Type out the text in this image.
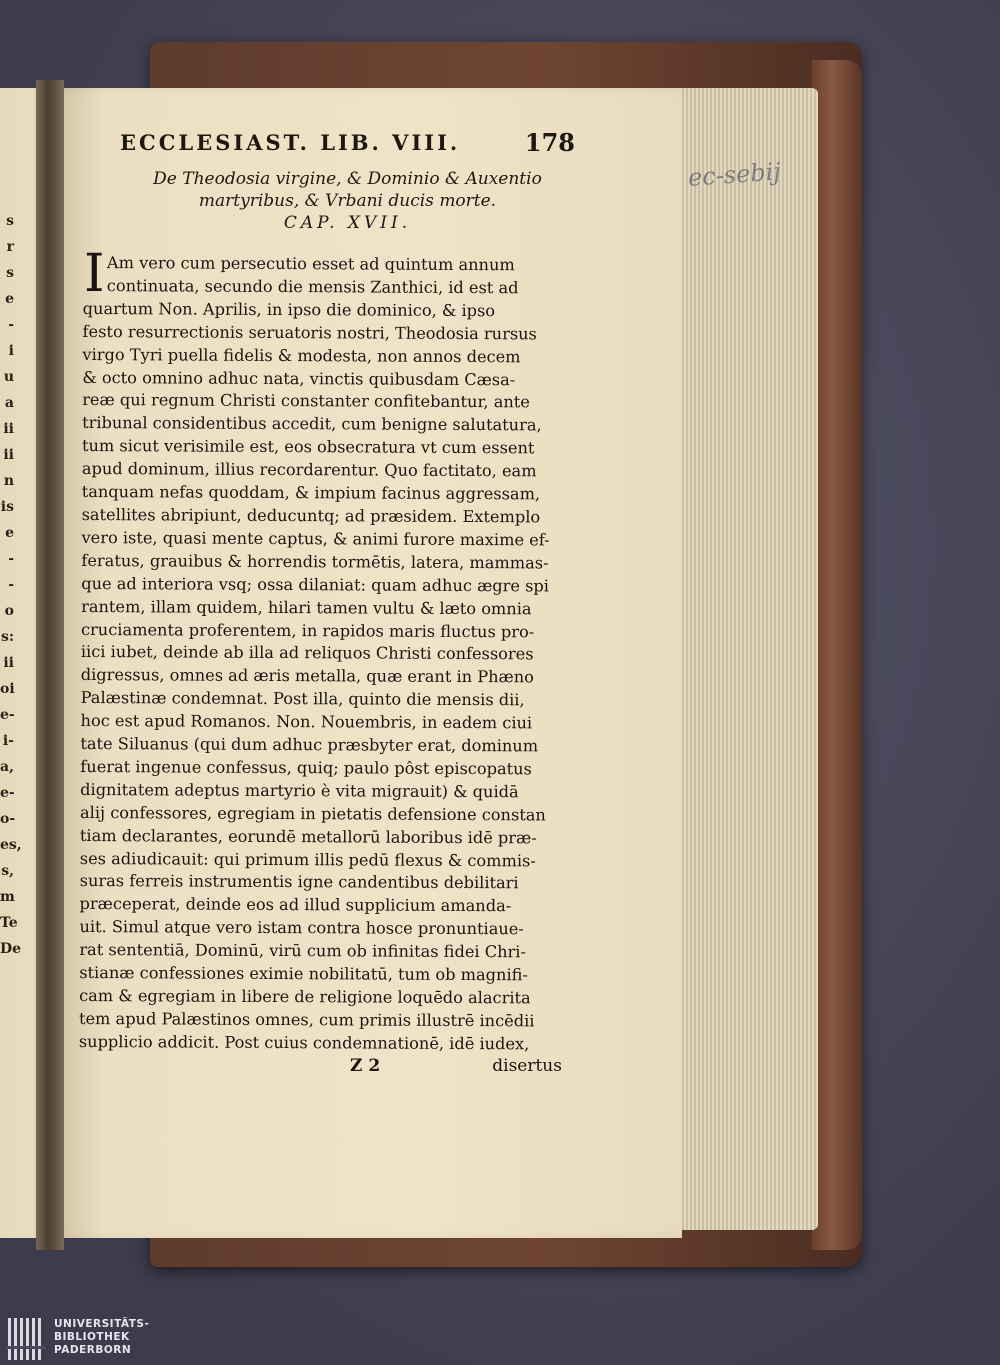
ec-sebij
s
r
s
e
-
i
u
a
ii
ii
n
is
e
-
-
o
s:
ii
oi
e-
i-
a,
e-
o-
es,
s,
m
Te
De
ECCLESIAST. LIB. VIII.	178
De Theodosia virgine, & Dominio & Auxentio
martyribus, & Vrbani ducis morte.
CAP. XVII.
I Am vero cum persecutio esset ad quintum annum
continuata, secundo die mensis Zanthici, id est ad
quartum Non. Aprilis, in ipso die dominico, & ipso
festo resurrectionis seruatoris nostri, Theodosia rursus
virgo Tyri puella fidelis & modesta, non annos decem
& octo omnino adhuc nata, vinctis quibusdam Cæsa-
reæ qui regnum Christi constanter confitebantur, ante
tribunal considentibus accedit, cum benigne salutatura,
tum sicut verisimile est, eos obsecratura vt cum essent
apud dominum, illius recordarentur. Quo factitato, eam
tanquam nefas quoddam, & impium facinus aggressam,
satellites abripiunt, deducuntq; ad præsidem. Extemplo
vero iste, quasi mente captus, & animi furore maxime ef-
feratus, grauibus & horrendis tormētis, latera, mammas-
que ad interiora vsq; ossa dilaniat: quam adhuc ægre spi
rantem, illam quidem, hilari tamen vultu & læto omnia
cruciamenta proferentem, in rapidos maris fluctus pro-
iici iubet, deinde ab illa ad reliquos Christi confessores
digressus, omnes ad æris metalla, quæ erant in Phæno
Palæstinæ condemnat. Post illa, quinto die mensis dii,
hoc est apud Romanos. Non. Nouembris, in eadem ciui
tate Siluanus (qui dum adhuc præsbyter erat, dominum
fuerat ingenue confessus, quiq; paulo pôst episcopatus
dignitatem adeptus martyrio è vita migrauit) & quidā
alij confessores, egregiam in pietatis defensione constan
tiam declarantes, eorundē metallorū laboribus idē præ-
ses adiudicauit: qui primum illis pedū flexus & commis-
suras ferreis instrumentis igne candentibus debilitari
præceperat, deinde eos ad illud supplicium amanda-
uit. Simul atque vero istam contra hosce pronuntiaue-
rat sententiā, Dominū, virū cum ob infinitas fidei Chri-
stianæ confessiones eximie nobilitatū, tum ob magnifi-
cam & egregiam in libere de religione loquēdo alacrita
tem apud Palæstinos omnes, cum primis illustrē incēdii
supplicio addicit. Post cuius condemnationē, idē iudex,
Z 2	disertus
UNIVERSITÄTS-
BIBLIOTHEK
PADERBORN
